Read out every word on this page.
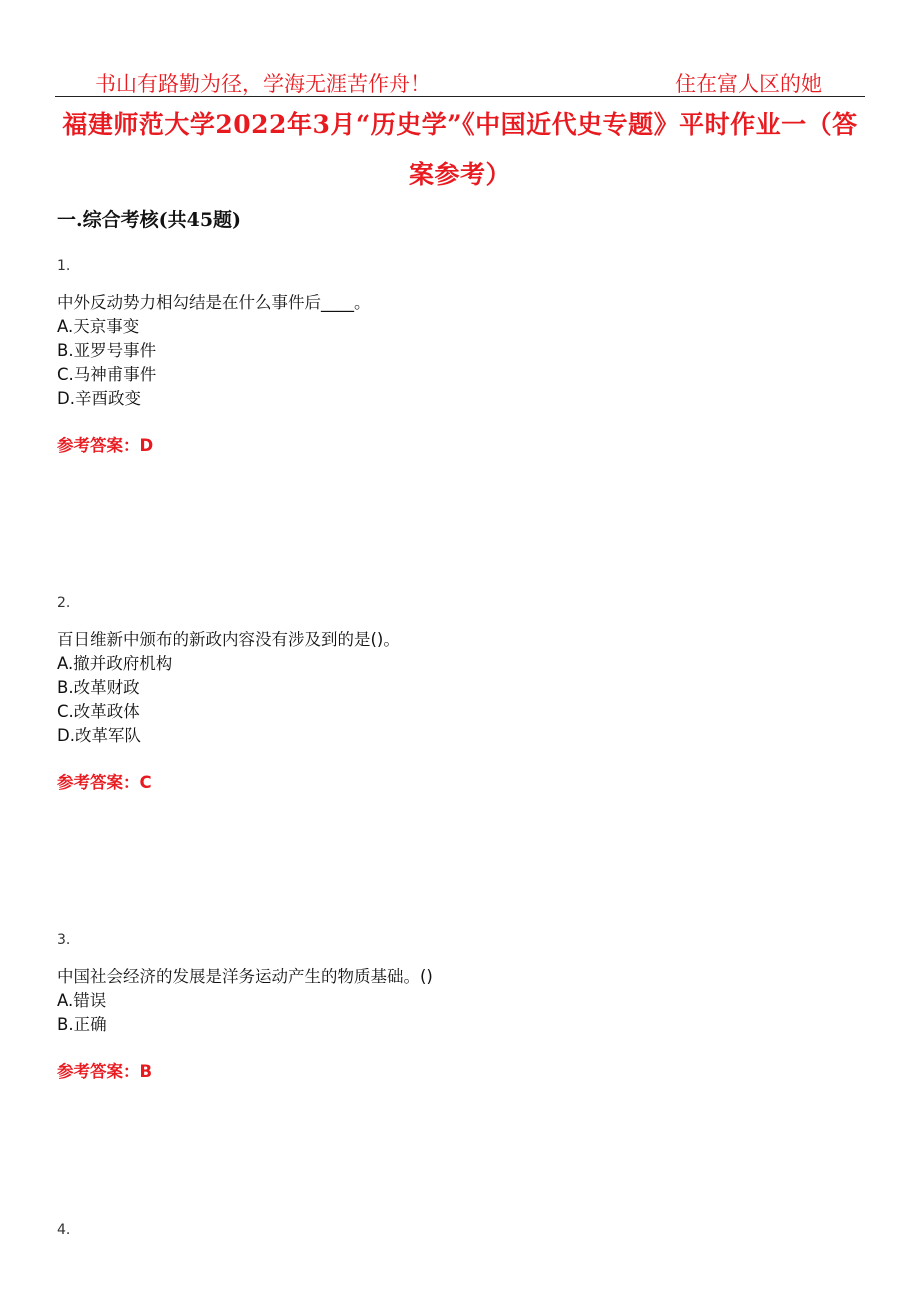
书山有路勤为径，学海无涯苦作舟！	住在富人区的她
福建师范大学2022年3月“历史学”《中国近代史专题》平时作业一（答案参考）
一.综合考核(共45题)
1.
中外反动势力相勾结是在什么事件后____。
A.天京事变
B.亚罗号事件
C.马神甫事件
D.辛酉政变
参考答案：D
2.
百日维新中颁布的新政内容没有涉及到的是()。
A.撤并政府机构
B.改革财政
C.改革政体
D.改革军队
参考答案：C
3.
中国社会经济的发展是洋务运动产生的物质基础。()
A.错误
B.正确
参考答案：B
4.
